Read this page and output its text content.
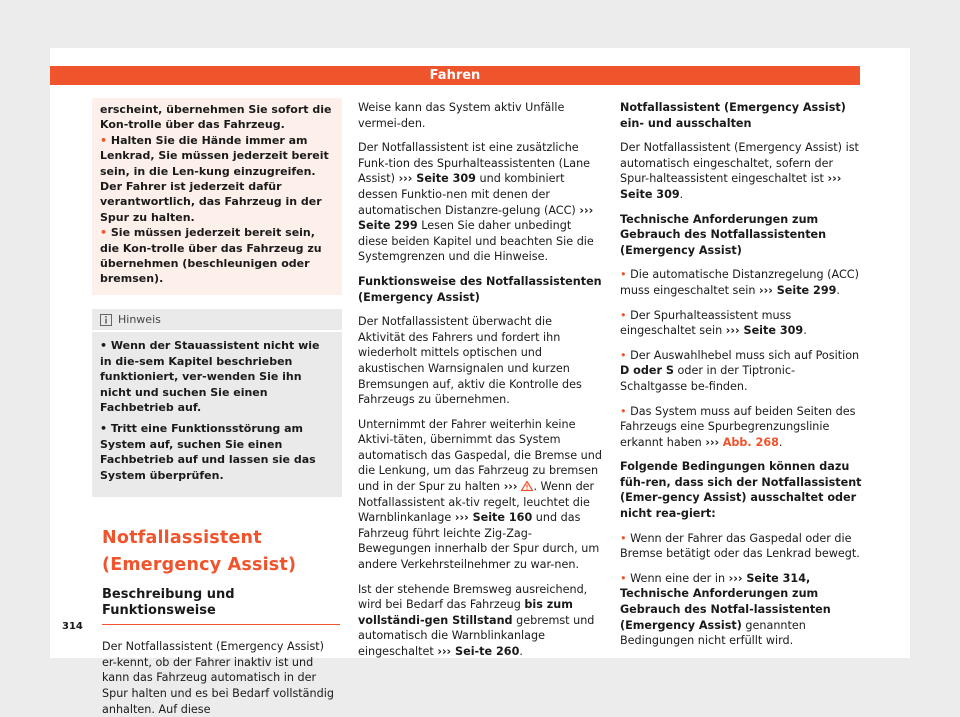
Fahren
erscheint, übernehmen Sie sofort die Kon-trolle über das Fahrzeug.
• Halten Sie die Hände immer am Lenkrad, Sie müssen jederzeit bereit sein, in die Len-kung einzugreifen. Der Fahrer ist jederzeit dafür verantwortlich, das Fahrzeug in der Spur zu halten.
• Sie müssen jederzeit bereit sein, die Kon-trolle über das Fahrzeug zu übernehmen (beschleunigen oder bremsen).
Hinweis
• Wenn der Stauassistent nicht wie in die-sem Kapitel beschrieben funktioniert, ver-wenden Sie ihn nicht und suchen Sie einen Fachbetrieb auf.
• Tritt eine Funktionsstörung am System auf, suchen Sie einen Fachbetrieb auf und lassen sie das System überprüfen.
Notfallassistent (Emergency Assist)
Beschreibung und Funktionsweise
Der Notfallassistent (Emergency Assist) er-kennt, ob der Fahrer inaktiv ist und kann das Fahrzeug automatisch in der Spur halten und es bei Bedarf vollständig anhalten. Auf diese

Weise kann das System aktiv Unfälle vermei-den.

Der Notfallassistent ist eine zusätzliche Funk-tion des Spurhalteassistenten (Lane Assist) ››› Seite 309 und kombiniert dessen Funktio-nen mit denen der automatischen Distanzre-gelung (ACC) ››› Seite 299 Lesen Sie daher unbedingt diese beiden Kapitel und beachten Sie die Systemgrenzen und die Hinweise.

Funktionsweise des Notfallassistenten (Emergency Assist)

Der Notfallassistent überwacht die Aktivität des Fahrers und fordert ihn wiederholt mittels optischen und akustischen Warnsignalen und kurzen Bremsungen auf, aktiv die Kontrolle des Fahrzeugs zu übernehmen.

Unternimmt der Fahrer weiterhin keine Aktivi-täten, übernimmt das System automatisch das Gaspedal, die Bremse und die Lenkung, um das Fahrzeug zu bremsen und in der Spur zu halten ››› . Wenn der Notfallassistent ak-tiv regelt, leuchtet die Warnblinkanlage ››› Seite 160 und das Fahrzeug führt leichte Zig-Zag-Bewegungen innerhalb der Spur durch, um andere Verkehrsteilnehmer zu war-nen.

Ist der stehende Bremsweg ausreichend, wird bei Bedarf das Fahrzeug bis zum vollständi-gen Stillstand gebremst und automatisch die Warnblinkanlage eingeschaltet ››› Sei-te 260.

Notfallassistent (Emergency Assist) ein- und ausschalten

Der Notfallassistent (Emergency Assist) ist automatisch eingeschaltet, sofern der Spur-halteassistent eingeschaltet ist ››› Seite 309.

Technische Anforderungen zum Gebrauch des Notfallassistenten (Emergency Assist)

• Die automatische Distanzregelung (ACC) muss eingeschaltet sein ››› Seite 299.

• Der Spurhalteassistent muss eingeschaltet sein ››› Seite 309.

• Der Auswahlhebel muss sich auf Position D oder S oder in der Tiptronic-Schaltgasse be-finden.

• Das System muss auf beiden Seiten des Fahrzeugs eine Spurbegrenzungslinie erkannt haben ››› Abb. 268.

Folgende Bedingungen können dazu füh-ren, dass sich der Notfallassistent (Emer-gency Assist) ausschaltet oder nicht rea-giert:

• Wenn der Fahrer das Gaspedal oder die Bremse betätigt oder das Lenkrad bewegt.

• Wenn eine der in ››› Seite 314, Technische Anforderungen zum Gebrauch des Notfal-lassistenten (Emergency Assist) genannten Bedingungen nicht erfüllt wird.

314
